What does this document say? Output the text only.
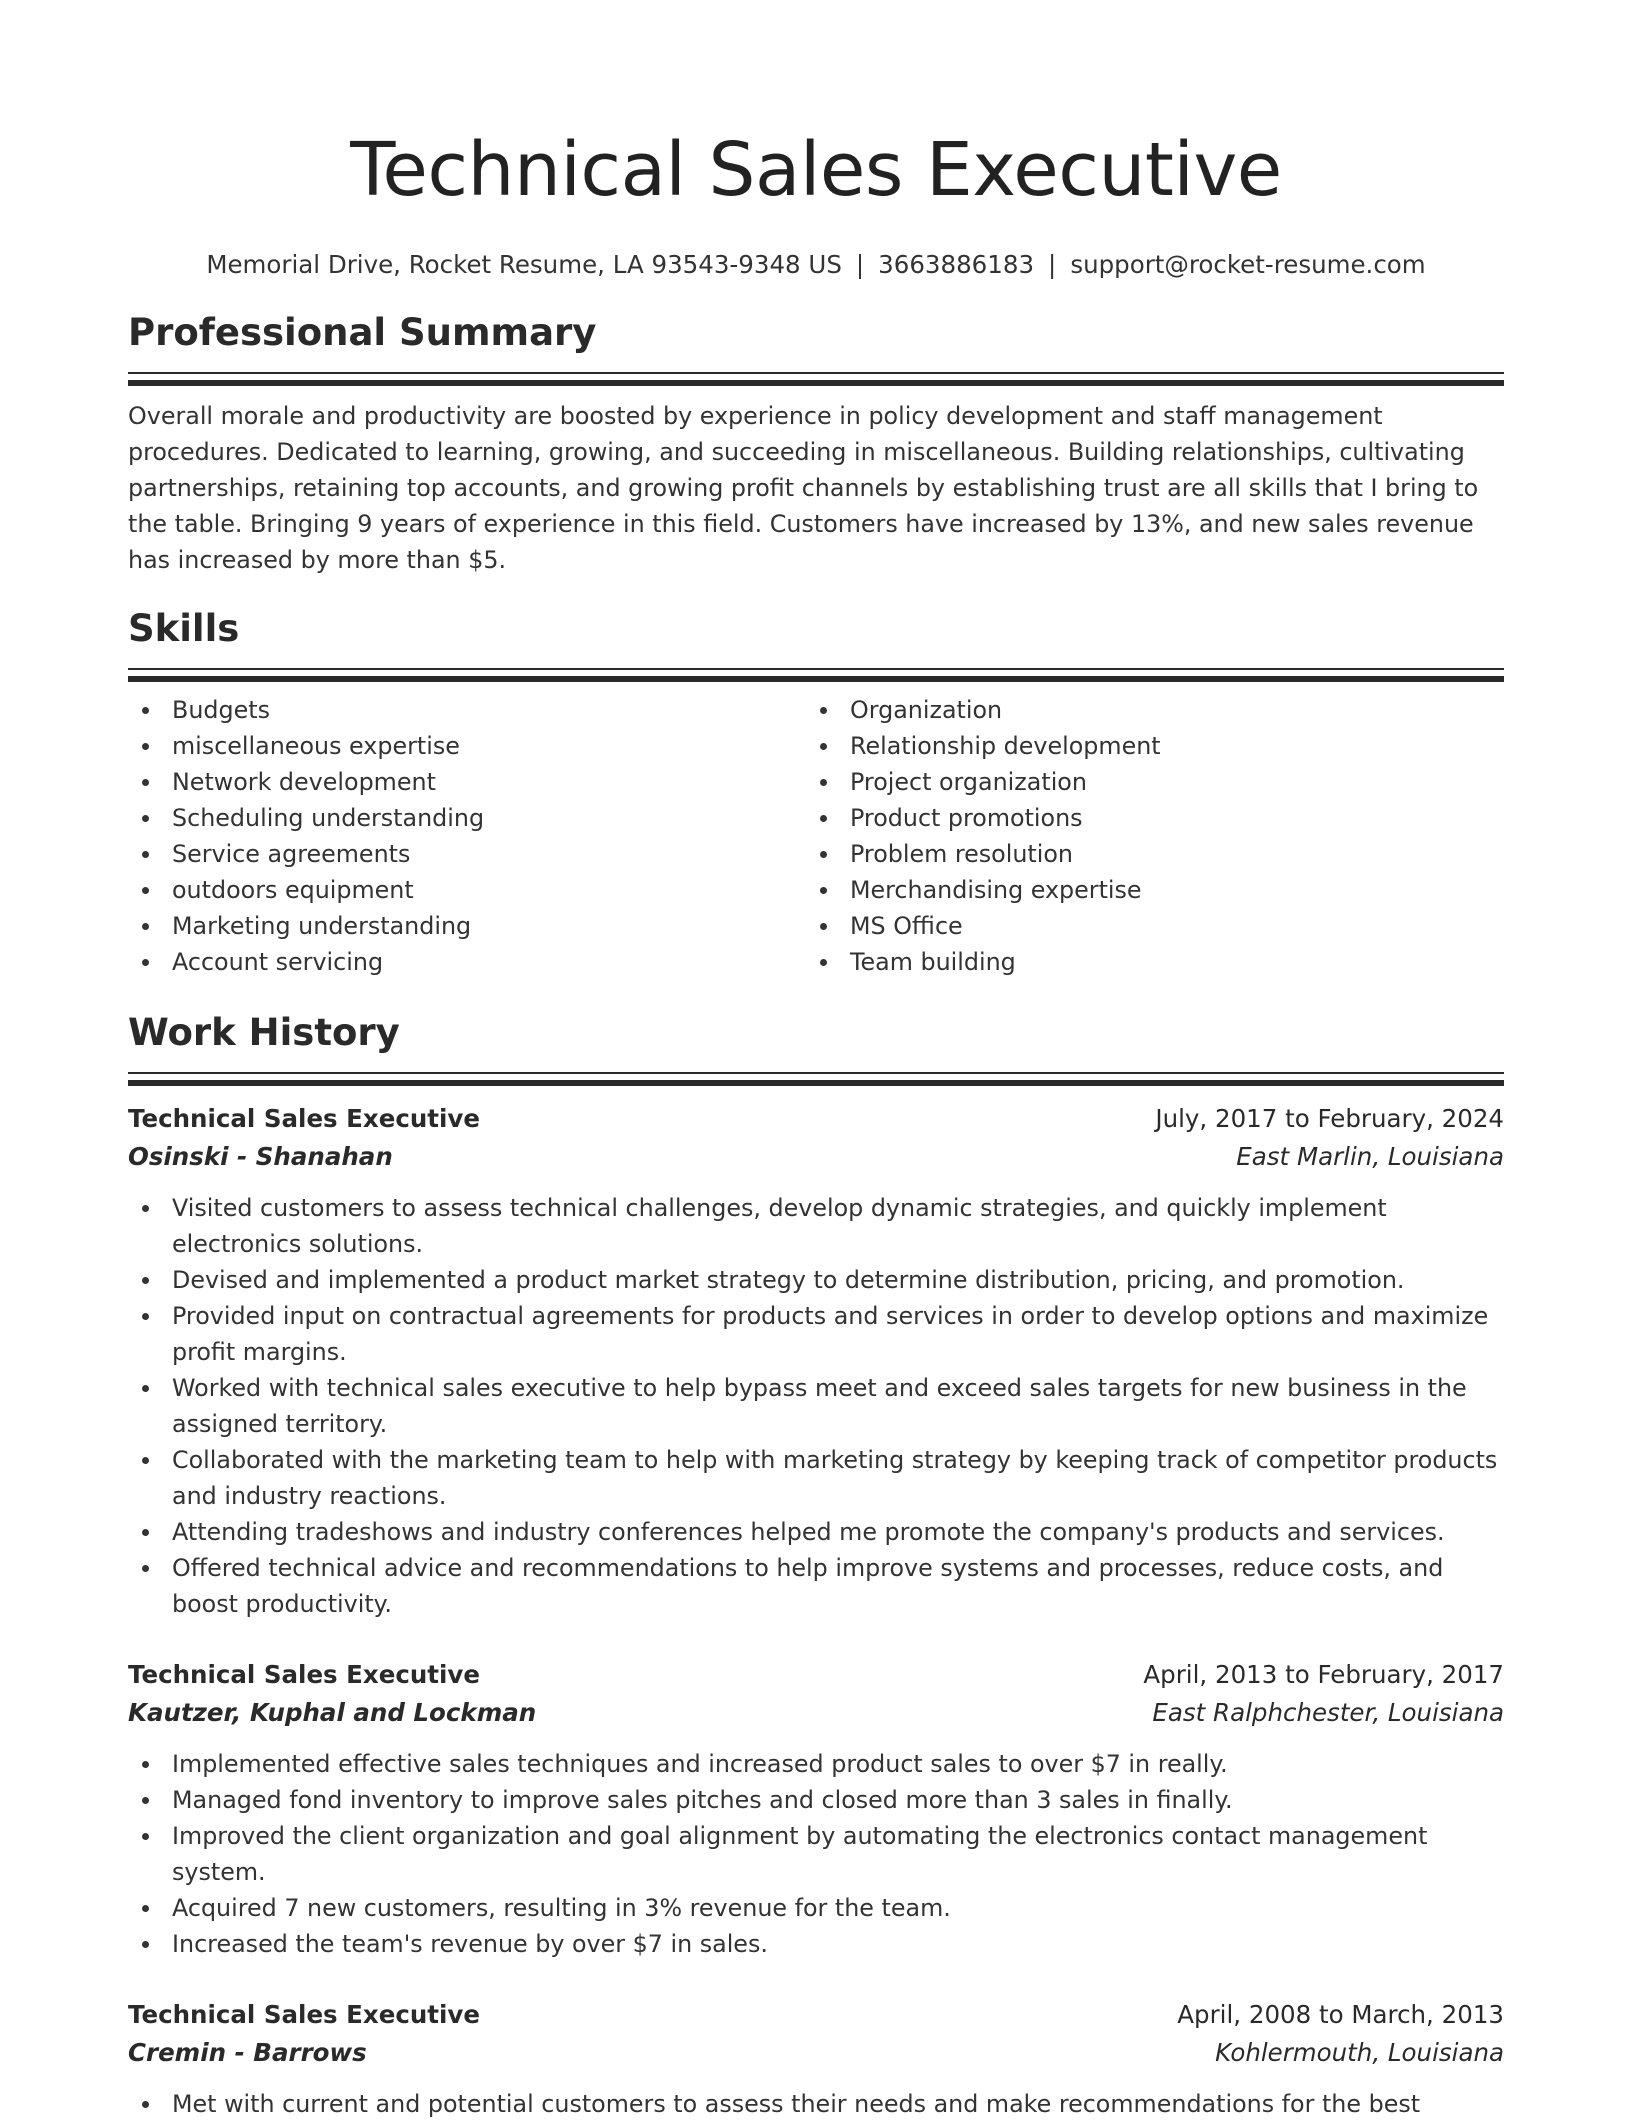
Technical Sales Executive
Memorial Drive, Rocket Resume, LA 93543-9348 US | 3663886183 | support@rocket-resume.com
Professional Summary

Overall morale and productivity are boosted by experience in policy development and staff management procedures. Dedicated to learning, growing, and succeeding in miscellaneous. Building relationships, cultivating partnerships, retaining top accounts, and growing profit channels by establishing trust are all skills that I bring to the table. Bringing 9 years of experience in this field. Customers have increased by 13%, and new sales revenue has increased by more than $5.

Skills
Budgets
miscellaneous expertise
Network development
Scheduling understanding
Service agreements
outdoors equipment
Marketing understanding
Account servicing
Organization
Relationship development
Project organization
Product promotions
Problem resolution
Merchandising expertise
MS Office
Team building
Work History
Technical Sales Executive	July, 2017 to February, 2024
Osinski - Shanahan	East Marlin, Louisiana
Visited customers to assess technical challenges, develop dynamic strategies, and quickly implement electronics solutions.
Devised and implemented a product market strategy to determine distribution, pricing, and promotion.
Provided input on contractual agreements for products and services in order to develop options and maximize profit margins.
Worked with technical sales executive to help bypass meet and exceed sales targets for new business in the assigned territory.
Collaborated with the marketing team to help with marketing strategy by keeping track of competitor products and industry reactions.
Attending tradeshows and industry conferences helped me promote the company's products and services.
Offered technical advice and recommendations to help improve systems and processes, reduce costs, and boost productivity.
Technical Sales Executive	April, 2013 to February, 2017
Kautzer, Kuphal and Lockman	East Ralphchester, Louisiana
Implemented effective sales techniques and increased product sales to over $7 in really.
Managed fond inventory to improve sales pitches and closed more than 3 sales in finally.
Improved the client organization and goal alignment by automating the electronics contact management system.
Acquired 7 new customers, resulting in 3% revenue for the team.
Increased the team's revenue by over $7 in sales.
Technical Sales Executive	April, 2008 to March, 2013
Cremin - Barrows	Kohlermouth, Louisiana
Met with current and potential customers to assess their needs and make recommendations for the best
